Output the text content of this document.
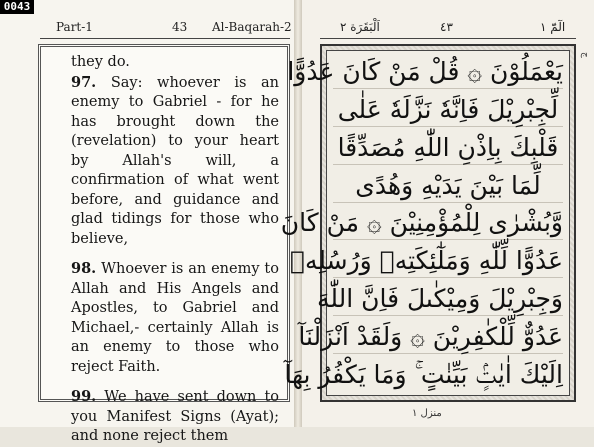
0043
Part-1	43 Al-Baqarah-2	اَلْبَقَرَة ٢	٤٣	الٓمّٓ ١
they do.
97. Say: whoever is an enemy to Gabriel - for he has brought down the (revelation) to your heart by Allah's will, a confirmation of what went before, and guidance and glad tidings for those who believe,
98. Whoever is an enemy to Allah and His Angels and Apostles, to Gabriel and Michael,- certainly Allah is an enemy to those who reject Faith.
99. We have sent down to you Manifest Signs (Ayat); and none reject them
يَعْمَلُوْنَ ۞ قُلْ مَنْ كَانَ عَدُوًّا
لِّجِبْرِيْلَ فَاِنَّهٗ نَزَّلَهٗ عَلٰى
قَلْبِكَ بِاِذْنِ اللّٰهِ مُصَدِّقًا
لِّمَا بَيْنَ يَدَيْهِ وَهُدًى
وَّبُشْرٰى لِلْمُؤْمِنِيْنَ ۞ مَنْ كَانَ
عَدُوًّا لِّلّٰهِ وَمَلٰٓئِكَتِهٖ وَرُسُلِهٖ
وَجِبْرِيْلَ وَمِيْكٰىلَ فَاِنَّ اللّٰهَ
عَدُوٌّ لِّلْكٰفِرِيْنَ ۞ وَلَقَدْ اَنْزَلْنَآ
اِلَيْكَ اٰيٰتٍۢ بَيِّنٰتٍ ۚ وَمَا يَكْفُرُ بِهَآ
ج
منزل ١
